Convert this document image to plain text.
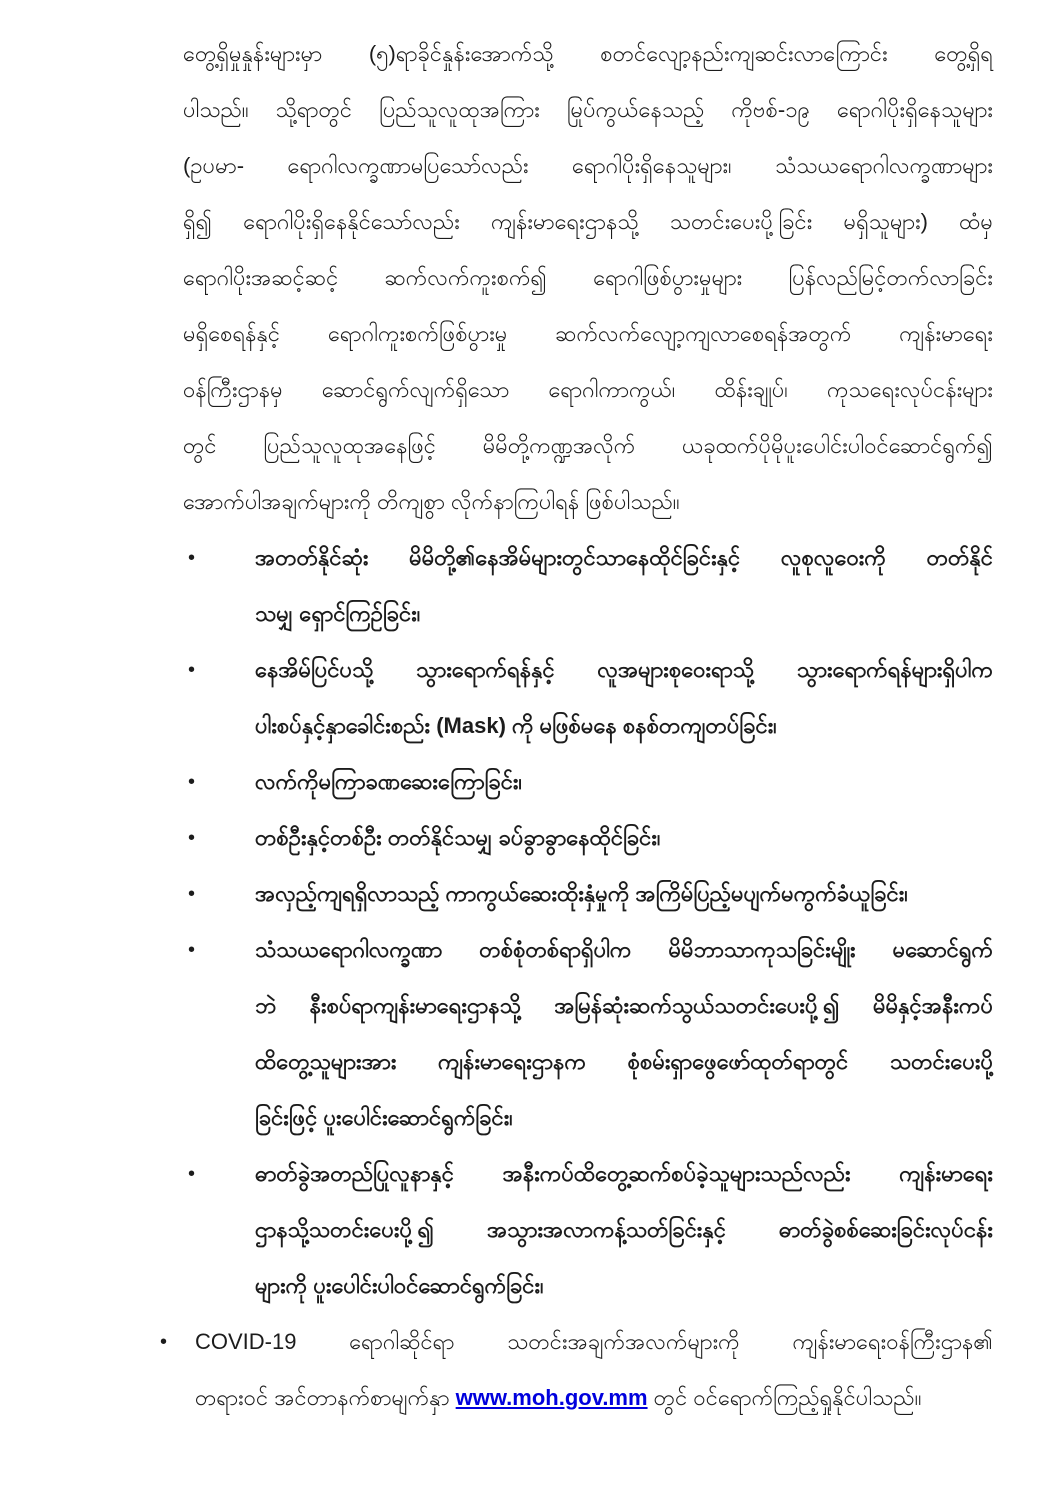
တွေ့ရှိမှုနှုန်းများမှာ (၅)ရာခိုင်နှုန်းအောက်သို့ စတင်လျော့နည်းကျဆင်းလာကြောင်း တွေ့ရှိရ
ပါသည်။ သို့ရာတွင် ပြည်သူလူထုအကြား မြုပ်ကွယ်နေသည့် ကိုဗစ်-၁၉ ရောဂါပိုးရှိနေသူများ
(ဥပမာ- ရောဂါလက္ခဏာမပြသော်လည်း ရောဂါပိုးရှိနေသူများ၊ သံသယရောဂါလက္ခဏာများ
ရှိ၍ ရောဂါပိုးရှိနေနိုင်သော်လည်း ကျန်းမာရေးဌာနသို့ သတင်းပေးပို့ခြင်း မရှိသူများ) ထံမှ
ရောဂါပိုးအဆင့်ဆင့် ဆက်လက်ကူးစက်၍ ရောဂါဖြစ်ပွားမှုများ ပြန်လည်မြင့်တက်လာခြင်း
မရှိစေရန်နှင့် ရောဂါကူးစက်ဖြစ်ပွားမှု ဆက်လက်လျော့ကျလာစေရန်အတွက် ကျန်းမာရေး
ဝန်ကြီးဌာနမှ ဆောင်ရွက်လျက်ရှိသော ရောဂါကာကွယ်၊ ထိန်းချုပ်၊ ကုသရေးလုပ်ငန်းများ
တွင် ပြည်သူလူထုအနေဖြင့် မိမိတို့ကဏ္ဍအလိုက် ယခုထက်ပိုမိုပူးပေါင်းပါဝင်ဆောင်ရွက်၍
အောက်ပါအချက်များကို တိကျစွာ လိုက်နာကြပါရန် ဖြစ်ပါသည်။
•	အတတ်နိုင်ဆုံး မိမိတို့၏နေအိမ်များတွင်သာနေထိုင်ခြင်းနှင့် လူစုလူဝေးကို တတ်နိုင်
သမျှ ရှောင်ကြဉ်ခြင်း၊
•	နေအိမ်ပြင်ပသို့ သွားရောက်ရန်နှင့် လူအများစုဝေးရာသို့ သွားရောက်ရန်များရှိပါက
ပါးစပ်နှင့်နှာခေါင်းစည်း (Mask) ကို မဖြစ်မနေ စနစ်တကျတပ်ခြင်း၊
•	လက်ကိုမကြာခဏဆေးကြောခြင်း၊
•	တစ်ဦးနှင့်တစ်ဦး တတ်နိုင်သမျှ ခပ်ခွာခွာနေထိုင်ခြင်း၊
•	အလှည့်ကျရရှိလာသည့် ကာကွယ်ဆေးထိုးနှံမှုကို အကြိမ်ပြည့်မပျက်မကွက်ခံယူခြင်း၊
•	သံသယရောဂါလက္ခဏာ တစ်စုံတစ်ရာရှိပါက မိမိဘာသာကုသခြင်းမျိုး မဆောင်ရွက်
ဘဲ နီးစပ်ရာကျန်းမာရေးဌာနသို့ အမြန်ဆုံးဆက်သွယ်သတင်းပေးပို့၍ မိမိနှင့်အနီးကပ်
ထိတွေ့သူများအား ကျန်းမာရေးဌာနက စုံစမ်းရှာဖွေဖော်ထုတ်ရာတွင် သတင်းပေးပို့
ခြင်းဖြင့် ပူးပေါင်းဆောင်ရွက်ခြင်း၊
•	ဓာတ်ခွဲအတည်ပြုလူနာနှင့် အနီးကပ်ထိတွေ့ဆက်စပ်ခဲ့သူများသည်လည်း ကျန်းမာရေး
ဌာနသို့သတင်းပေးပို့၍ အသွားအလာကန့်သတ်ခြင်းနှင့် ဓာတ်ခွဲစစ်ဆေးခြင်းလုပ်ငန်း
များကို ပူးပေါင်းပါဝင်ဆောင်ရွက်ခြင်း၊
•	COVID-19 ရောဂါဆိုင်ရာ သတင်းအချက်အလက်များကို ကျန်းမာရေးဝန်ကြီးဌာန၏
တရားဝင် အင်တာနက်စာမျက်နှာ www.moh.gov.mm တွင် ဝင်ရောက်ကြည့်ရှုနိုင်ပါသည်။
